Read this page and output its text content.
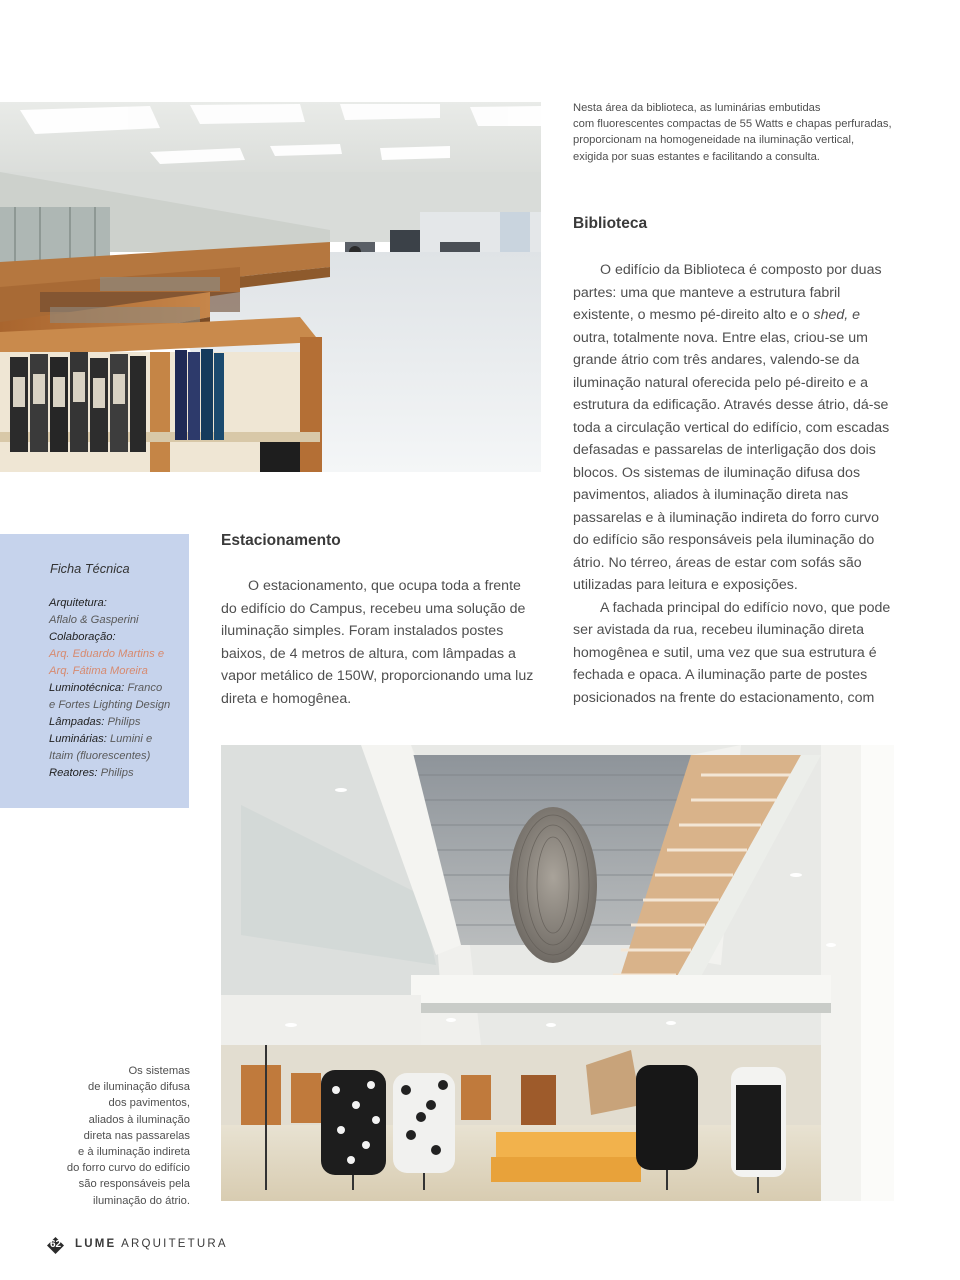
Nesta área da biblioteca, as luminárias embutidas
com fluorescentes compactas de 55 Watts e chapas perfuradas,
proporcionam na homogeneidade na iluminação vertical,
exigida por suas estantes e facilitando a consulta.
Biblioteca
O edifício da Biblioteca é composto por duas
partes: uma que manteve a estrutura fabril
existente, o mesmo pé-direito alto e o shed, e
outra, totalmente nova. Entre elas, criou-se um
grande átrio com três andares, valendo-se da
iluminação natural oferecida pelo pé-direito e a
estrutura da edificação. Através desse átrio, dá-se
toda a circulação vertical do edifício, com escadas
defasadas e passarelas de interligação dos dois
blocos. Os sistemas de iluminação difusa dos
pavimentos, aliados à iluminação direta nas
passarelas e à iluminação indireta do forro curvo
do edifício são responsáveis pela iluminação do
átrio. No térreo, áreas de estar com sofás são
utilizadas para leitura e exposições.
A fachada principal do edifício novo, que pode
ser avistada da rua, recebeu iluminação direta
homogênea e sutil, uma vez que sua estrutura é
fechada e opaca. A iluminação parte de postes
posicionados na frente do estacionamento, com
Estacionamento
O estacionamento, que ocupa toda a frente
do edifício do Campus, recebeu uma solução de
iluminação simples. Foram instalados postes
baixos, de 4 metros de altura, com lâmpadas a
vapor metálico de 150W, proporcionando uma luz
direta e homogênea.
Ficha Técnica
Arquitetura:
Aflalo & Gasperini
Colaboração:
Arq. Eduardo Martins e
Arq. Fátima Moreira
Luminotécnica: Franco
e Fortes Lighting Design
Lâmpadas: Philips
Luminárias: Lumini e
Itaim (fluorescentes)
Reatores: Philips
Os sistemas
de iluminação difusa
dos pavimentos,
aliados à iluminação
direta nas passarelas
e à iluminação indireta
do forro curvo do edifício
são responsáveis pela
iluminação do átrio.
62 LUME ARQUITETURA
